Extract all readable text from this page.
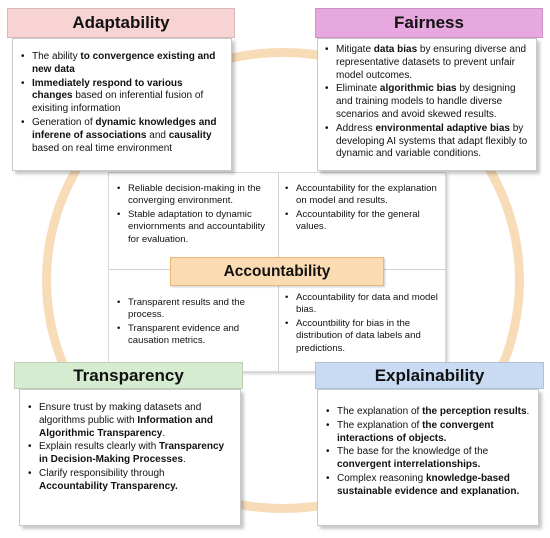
• Reliable decision-making in the converging environment.
• Stable adaptation to dynamic enviornments and accountability for evaluation.
• Accountability for the explanation on model and results.
• Accountability for the general values.
• Transparent results and the process.
• Transparent evidence and causation metrics.
• Accountability for data and model bias.
• Accountbility for bias in the distribution of data labels and predictions.
Accountability
• The ability to convergence existing and new data
• Immediately respond to various changes based on inferential fusion of exisiting information
• Generation of dynamic knowledges and inferene of associations and causality based on real time environment
Adaptability
• Mitigate data bias by ensuring diverse and representative datasets to prevent unfair model outcomes.
• Eliminate algorithmic bias by designing and training models to handle diverse scenarios and avoid skewed results.
• Address environmental adaptive bias by developing AI systems that adapt flexibly to dynamic and variable conditions.
Fairness
• Ensure trust by making datasets and algorithms public with Information and Algorithmic Transparency.
• Explain results clearly with Transparency in Decision-Making Processes.
• Clarify responsibility through Accountability Transparency.
Transparency
• The explanation of the perception results.
• The explanation of the convergent interactions of objects.
• The base for the knowledge of the convergent interrelationships.
• Complex reasoning knowledge-based sustainable evidence and explanation.
Explainability
